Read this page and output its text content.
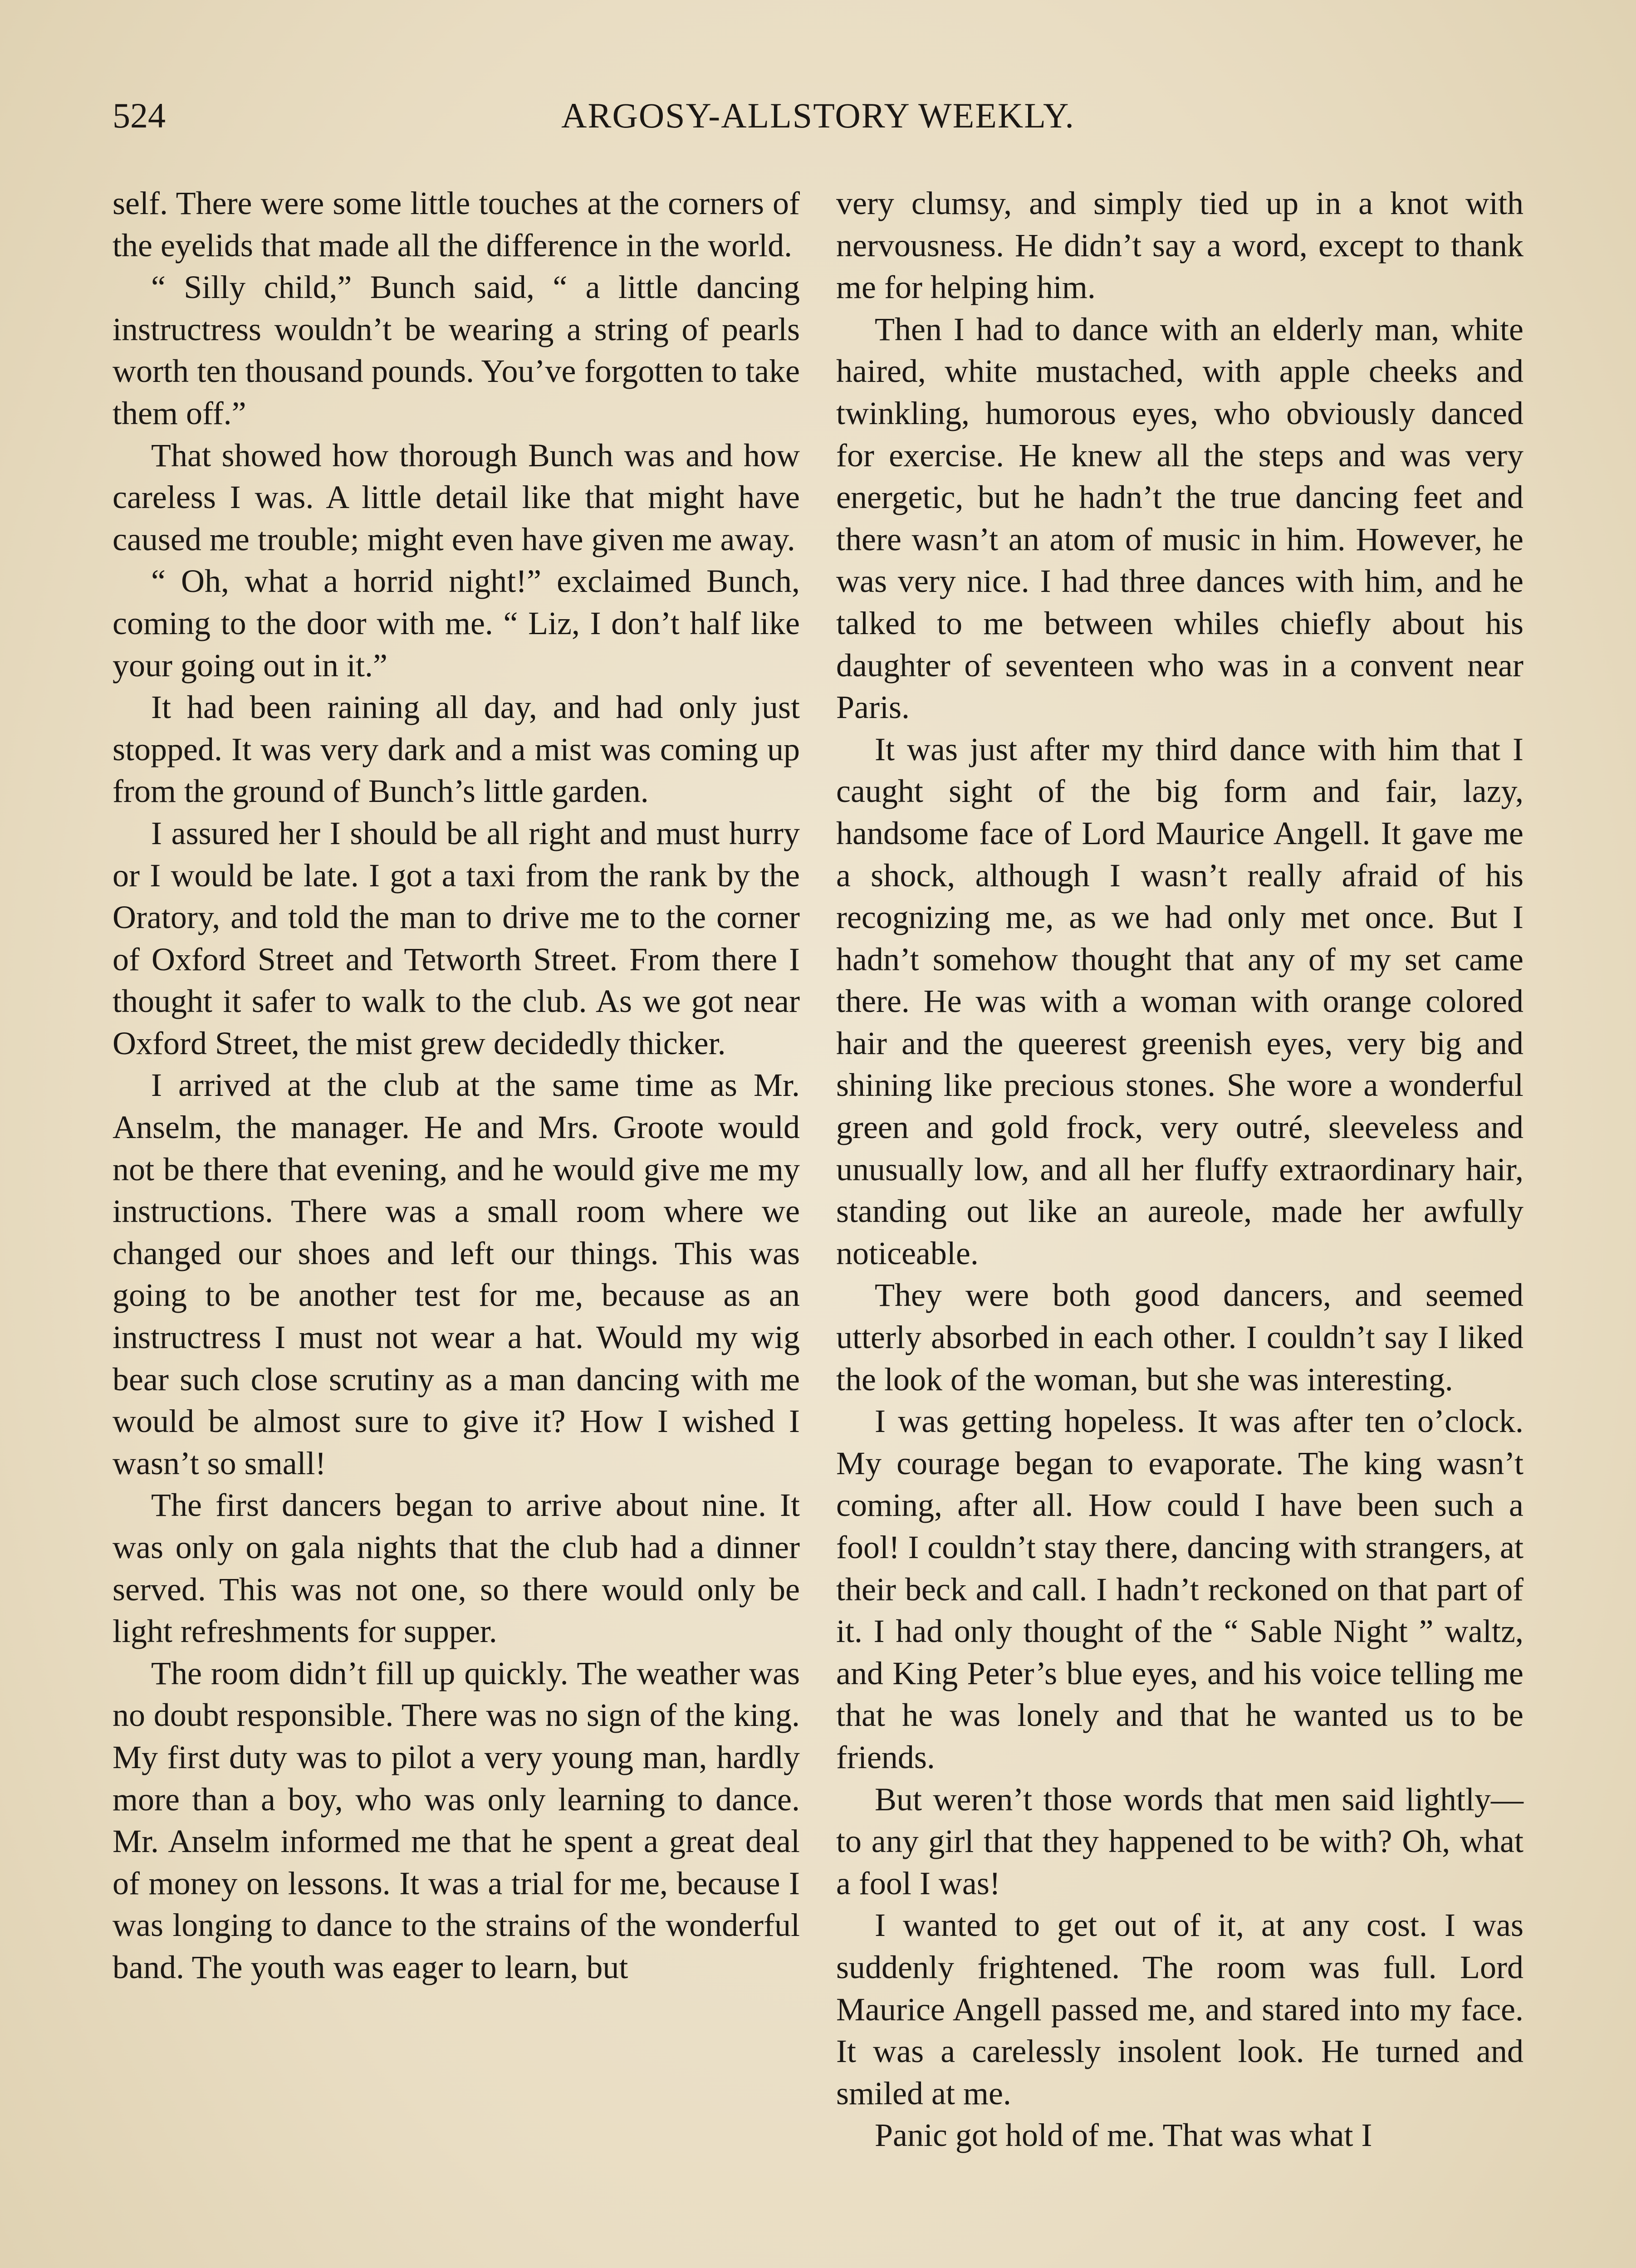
524	ARGOSY-ALLSTORY WEEKLY.

self. There were some little touches at the corners of the eyelids that made all the difference in the world.

“ Silly child,” Bunch said, “ a little dancing instructress wouldn’t be wearing a string of pearls worth ten thousand pounds. You’ve forgotten to take them off.”

That showed how thorough Bunch was and how careless I was. A little detail like that might have caused me trouble; might even have given me away.

“ Oh, what a horrid night!” exclaimed Bunch, coming to the door with me. “ Liz, I don’t half like your going out in it.”

It had been raining all day, and had only just stopped. It was very dark and a mist was coming up from the ground of Bunch’s little garden.

I assured her I should be all right and must hurry or I would be late. I got a taxi from the rank by the Oratory, and told the man to drive me to the corner of Oxford Street and Tetworth Street. From there I thought it safer to walk to the club. As we got near Oxford Street, the mist grew decidedly thicker.

I arrived at the club at the same time as Mr. Anselm, the manager. He and Mrs. Groote would not be there that evening, and he would give me my instructions. There was a small room where we changed our shoes and left our things. This was going to be another test for me, because as an instructress I must not wear a hat. Would my wig bear such close scrutiny as a man dancing with me would be almost sure to give it? How I wished I wasn’t so small!

The first dancers began to arrive about nine. It was only on gala nights that the club had a dinner served. This was not one, so there would only be light refreshments for supper.

The room didn’t fill up quickly. The weather was no doubt responsible. There was no sign of the king. My first duty was to pilot a very young man, hardly more than a boy, who was only learning to dance. Mr. Anselm informed me that he spent a great deal of money on lessons. It was a trial for me, because I was longing to dance to the strains of the wonderful band. The youth was eager to learn, but

very clumsy, and simply tied up in a knot with nervousness. He didn’t say a word, except to thank me for helping him.

Then I had to dance with an elderly man, white haired, white mustached, with apple cheeks and twinkling, humorous eyes, who obviously danced for exercise. He knew all the steps and was very energetic, but he hadn’t the true dancing feet and there wasn’t an atom of music in him. However, he was very nice. I had three dances with him, and he talked to me between whiles chiefly about his daughter of seventeen who was in a convent near Paris.

It was just after my third dance with him that I caught sight of the big form and fair, lazy, handsome face of Lord Maurice Angell. It gave me a shock, although I wasn’t really afraid of his recognizing me, as we had only met once. But I hadn’t somehow thought that any of my set came there. He was with a woman with orange colored hair and the queerest greenish eyes, very big and shining like precious stones. She wore a wonderful green and gold frock, very outré, sleeveless and unusually low, and all her fluffy extraordinary hair, standing out like an aureole, made her awfully noticeable.

They were both good dancers, and seemed utterly absorbed in each other. I couldn’t say I liked the look of the woman, but she was interesting.

I was getting hopeless. It was after ten o’clock. My courage began to evaporate. The king wasn’t coming, after all. How could I have been such a fool! I couldn’t stay there, dancing with strangers, at their beck and call. I hadn’t reckoned on that part of it. I had only thought of the “ Sable Night ” waltz, and King Peter’s blue eyes, and his voice telling me that he was lonely and that he wanted us to be friends.

But weren’t those words that men said lightly—to any girl that they happened to be with? Oh, what a fool I was!

I wanted to get out of it, at any cost. I was suddenly frightened. The room was full. Lord Maurice Angell passed me, and stared into my face. It was a carelessly insolent look. He turned and smiled at me.

Panic got hold of me. That was what I
